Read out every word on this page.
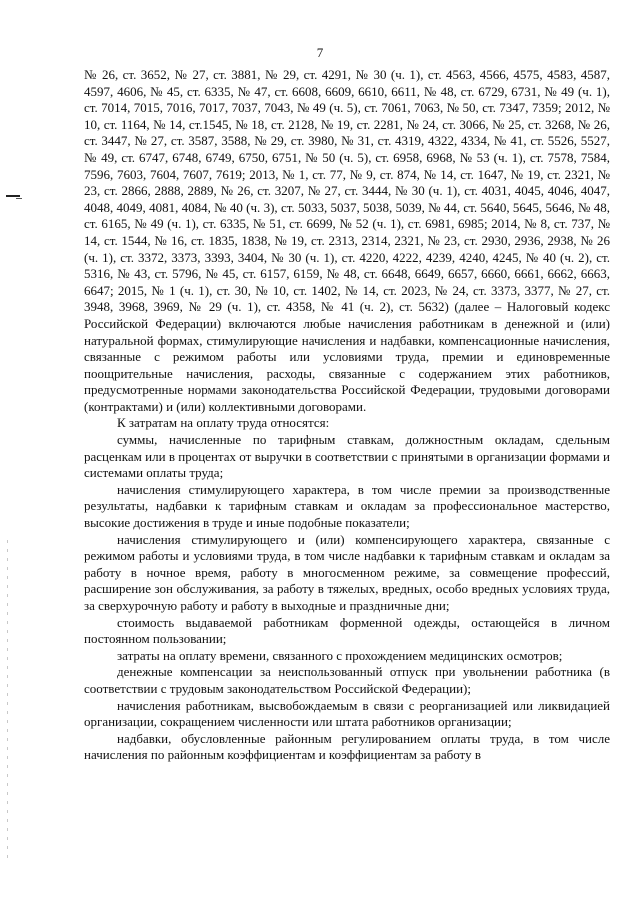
7

№ 26, ст. 3652, № 27, ст. 3881, № 29, ст. 4291, № 30 (ч. 1), ст. 4563, 4566, 4575, 4583, 4587, 4597, 4606, № 45, ст. 6335, № 47, ст. 6608, 6609, 6610, 6611, № 48, ст. 6729, 6731, № 49 (ч. 1), ст. 7014, 7015, 7016, 7017, 7037, 7043, № 49 (ч. 5), ст. 7061, 7063, № 50, ст. 7347, 7359; 2012, № 10, ст. 1164, № 14, ст.1545, № 18, ст. 2128, № 19, ст. 2281, № 24, ст. 3066, № 25, ст. 3268, № 26, ст. 3447, № 27, ст. 3587, 3588, № 29, ст. 3980, № 31, ст. 4319, 4322, 4334, № 41, ст. 5526, 5527, № 49, ст. 6747, 6748, 6749, 6750, 6751, № 50 (ч. 5), ст. 6958, 6968, № 53 (ч. 1), ст. 7578, 7584, 7596, 7603, 7604, 7607, 7619; 2013, № 1, ст. 77, № 9, ст. 874, № 14, ст. 1647, № 19, ст. 2321, № 23, ст. 2866, 2888, 2889, № 26, ст. 3207, № 27, ст. 3444, № 30 (ч. 1), ст. 4031, 4045, 4046, 4047, 4048, 4049, 4081, 4084, № 40 (ч. 3), ст. 5033, 5037, 5038, 5039, № 44, ст. 5640, 5645, 5646, № 48, ст. 6165, № 49 (ч. 1), ст. 6335, № 51, ст. 6699, № 52 (ч. 1), ст. 6981, 6985; 2014, № 8, ст. 737, № 14, ст. 1544, № 16, ст. 1835, 1838, № 19, ст. 2313, 2314, 2321, № 23, ст. 2930, 2936, 2938, № 26 (ч. 1), ст. 3372, 3373, 3393, 3404, № 30 (ч. 1), ст. 4220, 4222, 4239, 4240, 4245, № 40 (ч. 2), ст. 5316, № 43, ст. 5796, № 45, ст. 6157, 6159, № 48, ст. 6648, 6649, 6657, 6660, 6661, 6662, 6663, 6647; 2015, № 1 (ч. 1), ст. 30, № 10, ст. 1402, № 14, ст. 2023, № 24, ст. 3373, 3377, № 27, ст. 3948, 3968, 3969, № 29 (ч. 1), ст. 4358, № 41 (ч. 2), ст. 5632) (далее – Налоговый кодекс Российской Федерации) включаются любые начисления работникам в денежной и (или) натуральной формах, стимулирующие начисления и надбавки, компенсационные начисления, связанные с режимом работы или условиями труда, премии и единовременные поощрительные начисления, расходы, связанные с содержанием этих работников, предусмотренные нормами законодательства Российской Федерации, трудовыми договорами (контрактами) и (или) коллективными договорами.

К затратам на оплату труда относятся:

суммы, начисленные по тарифным ставкам, должностным окладам, сдельным расценкам или в процентах от выручки в соответствии с принятыми в организации формами и системами оплаты труда;

начисления стимулирующего характера, в том числе премии за производственные результаты, надбавки к тарифным ставкам и окладам за профессиональное мастерство, высокие достижения в труде и иные подобные показатели;

начисления стимулирующего и (или) компенсирующего характера, связанные с режимом работы и условиями труда, в том числе надбавки к тарифным ставкам и окладам за работу в ночное время, работу в многосменном режиме, за совмещение профессий, расширение зон обслуживания, за работу в тяжелых, вредных, особо вредных условиях труда, за сверхурочную работу и работу в выходные и праздничные дни;

стоимость выдаваемой работникам форменной одежды, остающейся в личном постоянном пользовании;

затраты на оплату времени, связанного с прохождением медицинских осмотров;

денежные компенсации за неиспользованный отпуск при увольнении работника (в соответствии с трудовым законодательством Российской Федерации);

начисления работникам, высвобождаемым в связи с реорганизацией или ликвидацией организации, сокращением численности или штата работников организации;

надбавки, обусловленные районным регулированием оплаты труда, в том числе начисления по районным коэффициентам и коэффициентам за работу в
